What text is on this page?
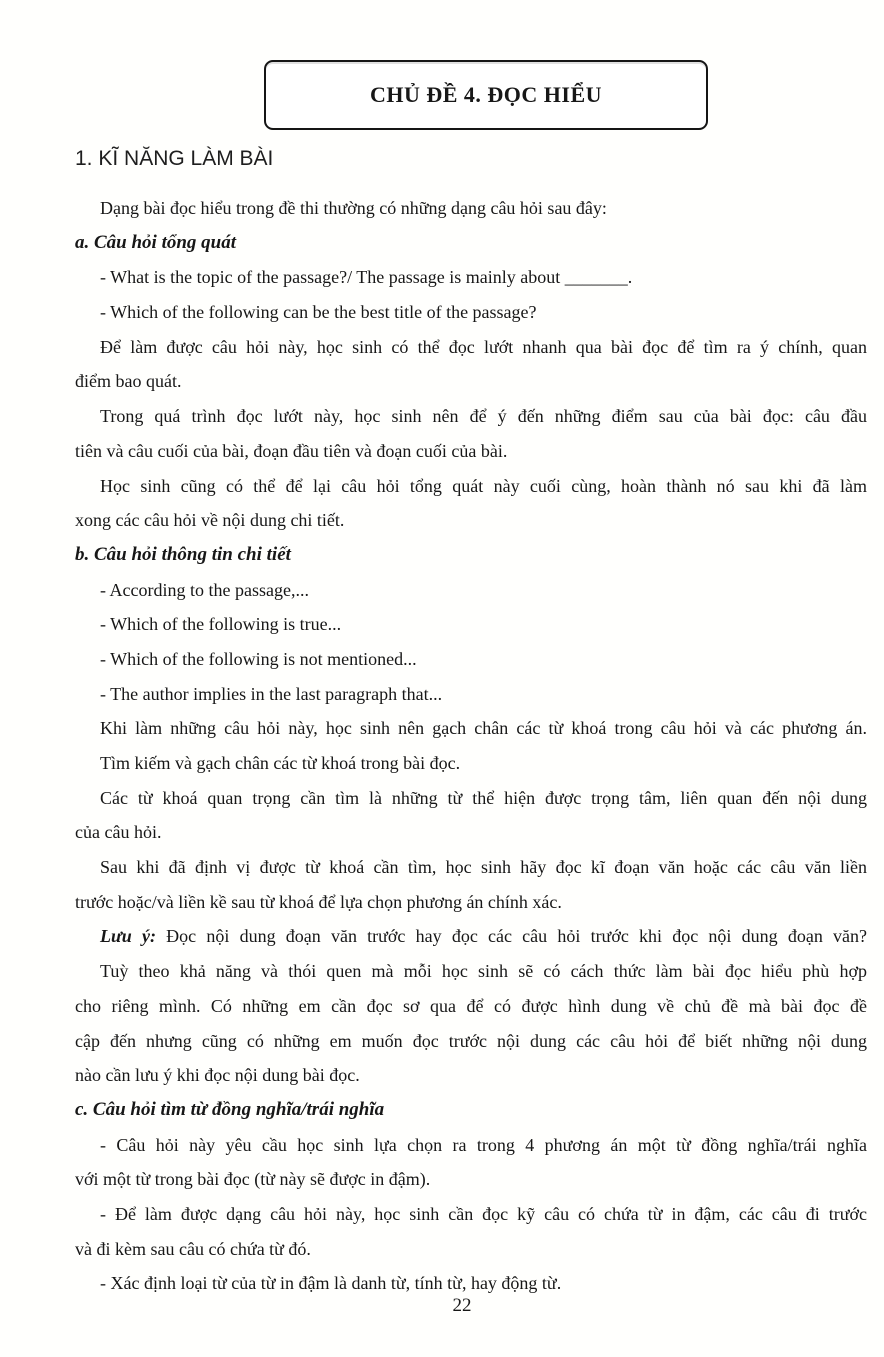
CHỦ ĐỀ 4. ĐỌC HIỂU
1. KĨ NĂNG LÀM BÀI
Dạng bài đọc hiểu trong đề thi thường có những dạng câu hỏi sau đây:
a. Câu hỏi tổng quát
- What is the topic of the passage?/ The passage is mainly about _______.
- Which of the following can be the best title of the passage?
Để làm được câu hỏi này, học sinh có thể đọc lướt nhanh qua bài đọc để tìm ra ý chính, quan
điểm bao quát.
Trong quá trình đọc lướt này, học sinh nên để ý đến những điểm sau của bài đọc: câu đầu
tiên và câu cuối của bài, đoạn đầu tiên và đoạn cuối của bài.
Học sinh cũng có thể để lại câu hỏi tổng quát này cuối cùng, hoàn thành nó sau khi đã làm
xong các câu hỏi về nội dung chi tiết.
b. Câu hỏi thông tin chi tiết
- According to the passage,...
- Which of the following is true...
- Which of the following is not mentioned...
- The author implies in the last paragraph that...
Khi làm những câu hỏi này, học sinh nên gạch chân các từ khoá trong câu hỏi và các phương án.
Tìm kiếm và gạch chân các từ khoá trong bài đọc.
Các từ khoá quan trọng cần tìm là những từ thể hiện được trọng tâm, liên quan đến nội dung
của câu hỏi.
Sau khi đã định vị được từ khoá cần tìm, học sinh hãy đọc kĩ đoạn văn hoặc các câu văn liền
trước hoặc/và liền kề sau từ khoá để lựa chọn phương án chính xác.
Lưu ý: Đọc nội dung đoạn văn trước hay đọc các câu hỏi trước khi đọc nội dung đoạn văn?
Tuỳ theo khả năng và thói quen mà mỗi học sinh sẽ có cách thức làm bài đọc hiểu phù hợp
cho riêng mình. Có những em cần đọc sơ qua để có được hình dung về chủ đề mà bài đọc đề
cập đến nhưng cũng có những em muốn đọc trước nội dung các câu hỏi để biết những nội dung
nào cần lưu ý khi đọc nội dung bài đọc.
c. Câu hỏi tìm từ đồng nghĩa/trái nghĩa
- Câu hỏi này yêu cầu học sinh lựa chọn ra trong 4 phương án một từ đồng nghĩa/trái nghĩa
với một từ trong bài đọc (từ này sẽ được in đậm).
- Để làm được dạng câu hỏi này, học sinh cần đọc kỹ câu có chứa từ in đậm, các câu đi trước
và đi kèm sau câu có chứa từ đó.
- Xác định loại từ của từ in đậm là danh từ, tính từ, hay động từ.
22
